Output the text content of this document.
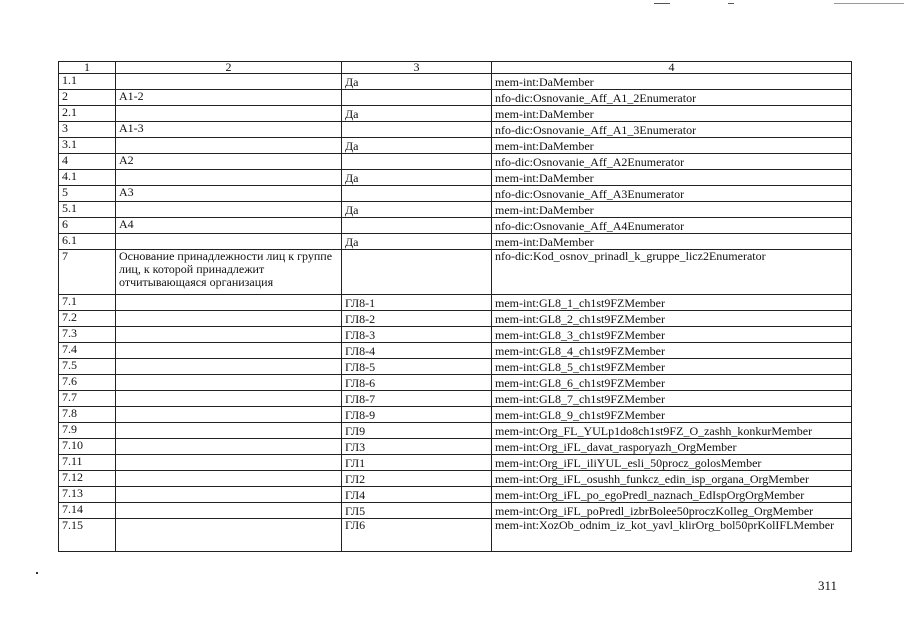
1	2	3	4
1.1		Да	mem-int:DaMember
2	A1-2		nfo-dic:Osnovanie_Aff_A1_2Enumerator
2.1		Да	mem-int:DaMember
3	A1-3		nfo-dic:Osnovanie_Aff_A1_3Enumerator
3.1		Да	mem-int:DaMember
4	A2		nfo-dic:Osnovanie_Aff_A2Enumerator
4.1		Да	mem-int:DaMember
5	A3		nfo-dic:Osnovanie_Aff_A3Enumerator
5.1		Да	mem-int:DaMember
6	A4		nfo-dic:Osnovanie_Aff_A4Enumerator
6.1		Да	mem-int:DaMember
7	Основание принадлежности лиц к группе лиц, к которой принадлежит отчитывающаяся организация		nfo-dic:Kod_osnov_prinadl_k_gruppe_licz2Enumerator
7.1		ГЛ8-1	mem-int:GL8_1_ch1st9FZMember
7.2		ГЛ8-2	mem-int:GL8_2_ch1st9FZMember
7.3		ГЛ8-3	mem-int:GL8_3_ch1st9FZMember
7.4		ГЛ8-4	mem-int:GL8_4_ch1st9FZMember
7.5		ГЛ8-5	mem-int:GL8_5_ch1st9FZMember
7.6		ГЛ8-6	mem-int:GL8_6_ch1st9FZMember
7.7		ГЛ8-7	mem-int:GL8_7_ch1st9FZMember
7.8		ГЛ8-9	mem-int:GL8_9_ch1st9FZMember
7.9		ГЛ9	mem-int:Org_FL_YULp1do8ch1st9FZ_O_zashh_konkurMember
7.10		ГЛ3	mem-int:Org_iFL_davat_rasporyazh_OrgMember
7.11		ГЛ1	mem-int:Org_iFL_iliYUL_esli_50procz_golosMember
7.12		ГЛ2	mem-int:Org_iFL_osushh_funkcz_edin_isp_organa_OrgMember
7.13		ГЛ4	mem-int:Org_iFL_po_egoPredl_naznach_EdIspOrgOrgMember
7.14		ГЛ5	mem-int:Org_iFL_poPredl_izbrBolee50proczKolleg_OrgMember
7.15		ГЛ6	mem-int:XozOb_odnim_iz_kot_yavl_klirOrg_bol50prKolIFLMember
311
